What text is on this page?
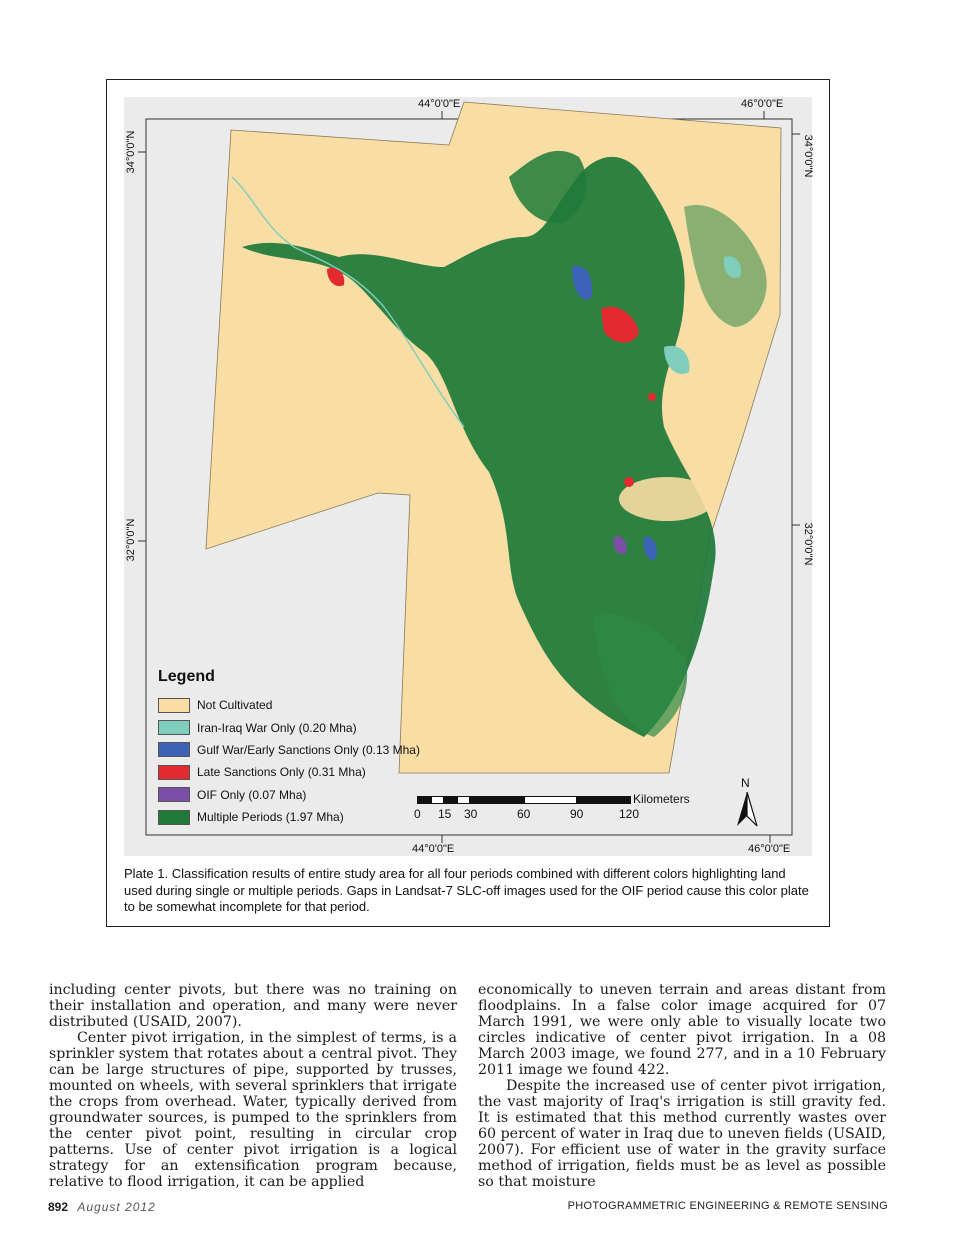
44°0'0"E	46°0'0"E
44°0'0"E	46°0'0"E
34°0'0"N
32°0'0"N
34°0'0"N
32°0'0"N
Legend
Not Cultivated
Iran-Iraq War Only (0.20 Mha)
Gulf War/Early Sanctions Only (0.13 Mha)
Late Sanctions Only (0.31 Mha)
OIF Only (0.07 Mha)
Multiple Periods (1.97 Mha)
Kilometers
0 15 30	60	90	120
N
Plate 1. Classification results of entire study area for all four periods combined with different colors highlighting land used during single or multiple periods. Gaps in Landsat-7 SLC-off images used for the OIF period cause this color plate to be somewhat incomplete for that period.

including center pivots, but there was no training on their installation and operation, and many were never distributed (USAID, 2007).

Center pivot irrigation, in the simplest of terms, is a sprinkler system that rotates about a central pivot. They can be large structures of pipe, supported by trusses, mounted on wheels, with several sprinklers that irrigate the crops from overhead. Water, typically derived from groundwater sources, is pumped to the sprinklers from the center pivot point, resulting in circular crop patterns. Use of center pivot irrigation is a logical strategy for an extensification program because, relative to flood irrigation, it can be applied

economically to uneven terrain and areas distant from floodplains. In a false color image acquired for 07 March 1991, we were only able to visually locate two circles indicative of center pivot irrigation. In a 08 March 2003 image, we found 277, and in a 10 February 2011 image we found 422.

Despite the increased use of center pivot irrigation, the vast majority of Iraq's irrigation is still gravity fed. It is estimated that this method currently wastes over 60 percent of water in Iraq due to uneven fields (USAID, 2007). For efficient use of water in the gravity surface method of irrigation, fields must be as level as possible so that moisture

892 August 2012	PHOTOGRAMMETRIC ENGINEERING & REMOTE SENSING
